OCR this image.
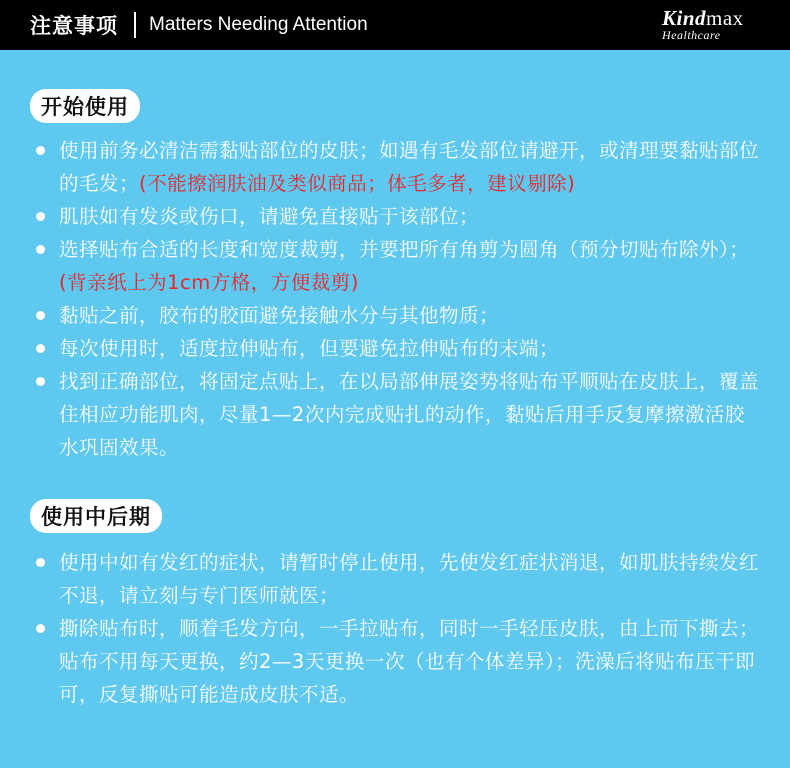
注意事项 Matters Needing Attention	Kindmax
Healthcare
开始使用
使用前务必清洁需黏贴部位的皮肤；如遇有毛发部位请避开，或清理要黏贴部位的毛发；(不能擦润肤油及类似商品；体毛多者，建议剔除)
肌肤如有发炎或伤口，请避免直接贴于该部位；
选择贴布合适的长度和宽度裁剪，并要把所有角剪为圆角（预分切贴布除外）；(背亲纸上为1cm方格，方便裁剪)
黏贴之前，胶布的胶面避免接触水分与其他物质；
每次使用时，适度拉伸贴布，但要避免拉伸贴布的末端；
找到正确部位，将固定点贴上，在以局部伸展姿势将贴布平顺贴在皮肤上，覆盖住相应功能肌肉，尽量1—2次内完成贴扎的动作，黏贴后用手反复摩擦激活胶水巩固效果。
使用中后期
使用中如有发红的症状，请暂时停止使用，先使发红症状消退，如肌肤持续发红不退，请立刻与专门医师就医；
撕除贴布时，顺着毛发方向，一手拉贴布，同时一手轻压皮肤，由上而下撕去；贴布不用每天更换，约2—3天更换一次（也有个体差异）；洗澡后将贴布压干即可，反复撕贴可能造成皮肤不适。
